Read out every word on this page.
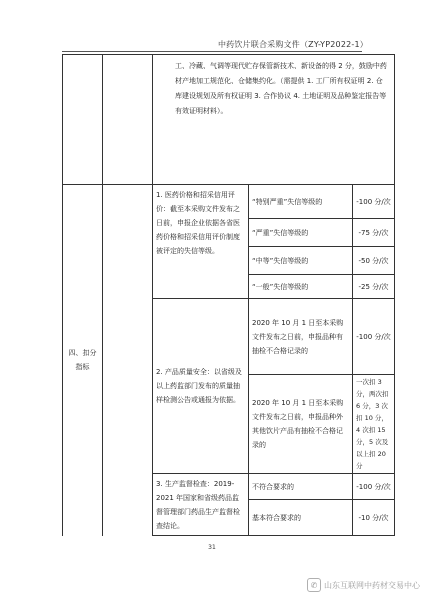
中药饮片联合采购文件（ZY-YP2022-1）
		工、冷藏、气调等现代贮存保管新技术、新设备的得 2 分，鼓励中药材产地加工规范化、仓储集约化。（需提供 1. 工厂所有权证明 2. 仓库建设规划及所有权证明 3. 合作协议 4. 土地证明及品种鉴定报告等有效证明材料）。		
四、扣分指标		1. 医药价格和招采信用评价：截至本采购文件发布之日前，申报企业依据各省医药价格和招采信用评价制度被评定的失信等级。	“特别严重”失信等级的	-100 分/次
			“严重”失信等级的	-75 分/次
			“中等”失信等级的	-50 分/次
			“一般”失信等级的	-25 分/次
		2. 产品质量安全：以省级及以上药监部门发布的质量抽样检测公告或通报为依据。	2020 年 10 月 1 日至本采购文件发布之日前，申报品种有抽检不合格记录的	-100 分/次
			2020 年 10 月 1 日至本采购文件发布之日前，申报品种外其他饮片产品有抽检不合格记录的	一次扣 3 分，两次扣 6 分，3 次扣 10 分，4 次扣 15 分，5 次及以上扣 20 分
		3. 生产监督检查：2019-2021 年国家和省级药品监督管理部门药品生产监督检查结论。	不符合要求的	-100 分/次
			基本符合要求的	-10 分/次
31
✆ 山东互联网中药材交易中心
